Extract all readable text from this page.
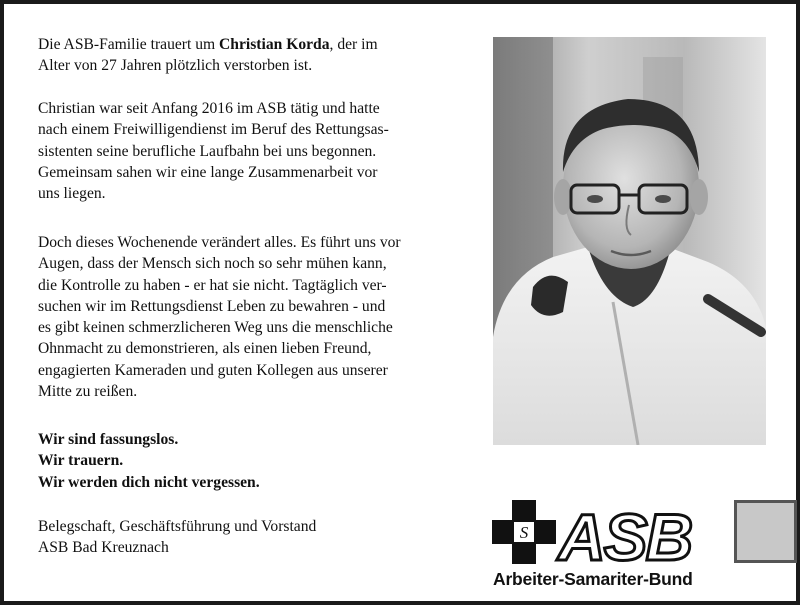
Die ASB-Familie trauert um Christian Korda, der im

Alter von 27 Jahren plötzlich verstorben ist.

Christian war seit Anfang 2016 im ASB tätig und hatte

nach einem Freiwilligendienst im Beruf des Rettungsas-

sistenten seine berufliche Laufbahn bei uns begonnen.

Gemeinsam sahen wir eine lange Zusammenarbeit vor

uns liegen.

Doch dieses Wochenende verändert alles. Es führt uns vor

Augen, dass der Mensch sich noch so sehr mühen kann,

die Kontrolle zu haben - er hat sie nicht. Tagtäglich ver-

suchen wir im Rettungsdienst Leben zu bewahren - und

es gibt keinen schmerzlicheren Weg uns die menschliche

Ohnmacht zu demonstrieren, als einen lieben Freund,

engagierten Kameraden und guten Kollegen aus unserer

Mitte zu reißen.

Wir sind fassungslos.

Wir trauern.

Wir werden dich nicht vergessen.

Belegschaft, Geschäftsführung und Vorstand

ASB Bad Kreuznach

S ASB
Arbeiter-Samariter-Bund
